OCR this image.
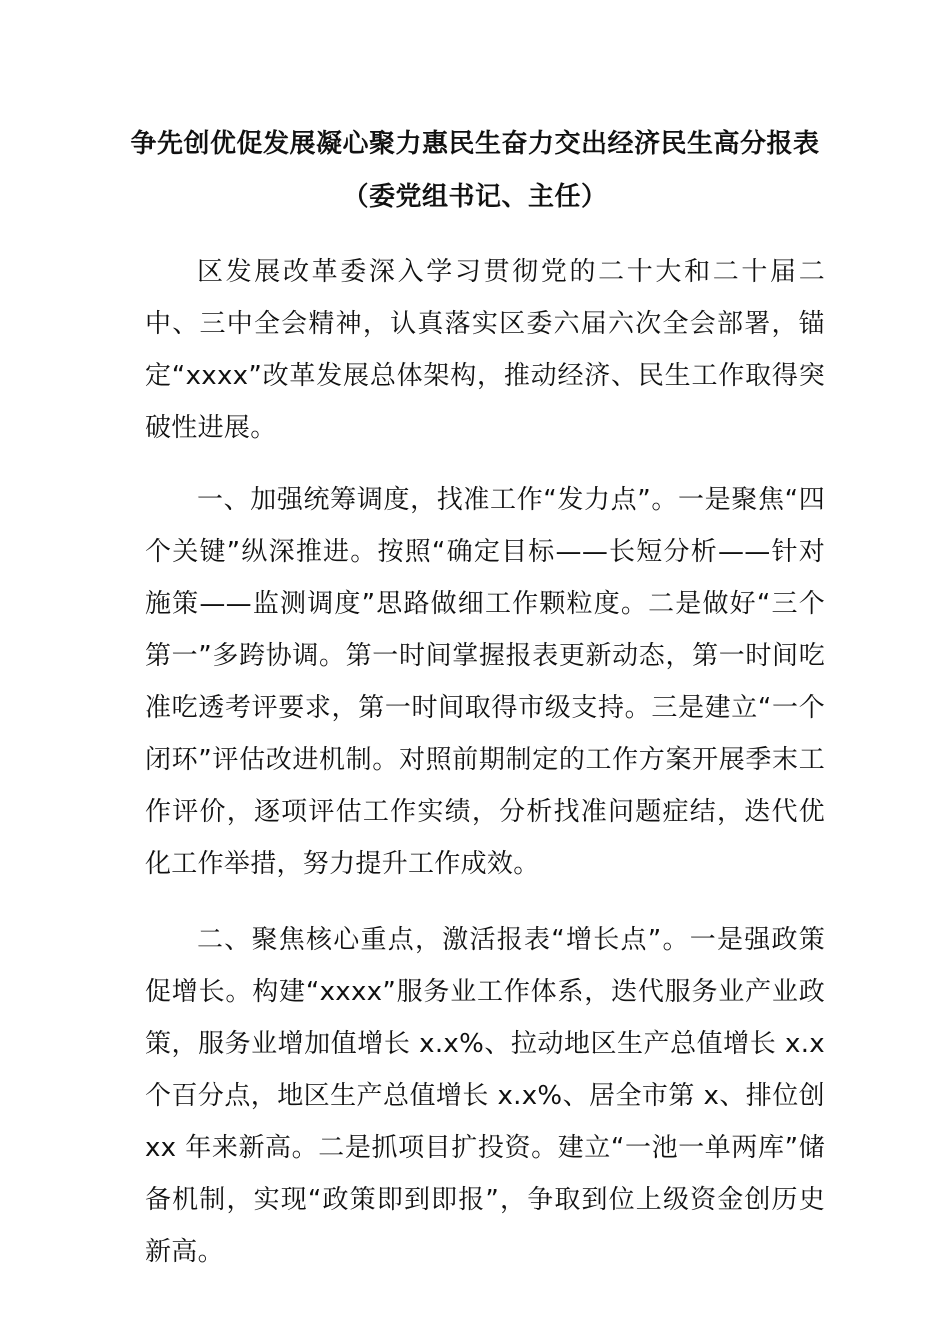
争先创优促发展凝心聚力惠民生奋力交出经济民生高分报表（委党组书记、主任）

区发展改革委深入学习贯彻党的二十大和二十届二中、三中全会精神，认真落实区委六届六次全会部署，锚定“xxxx”改革发展总体架构，推动经济、民生工作取得突破性进展。

一、加强统筹调度，找准工作“发力点”。一是聚焦“四个关键”纵深推进。按照“确定目标——长短分析——针对施策——监测调度”思路做细工作颗粒度。二是做好“三个第一”多跨协调。第一时间掌握报表更新动态，第一时间吃准吃透考评要求，第一时间取得市级支持。三是建立“一个闭环”评估改进机制。对照前期制定的工作方案开展季末工作评价，逐项评估工作实绩，分析找准问题症结，迭代优化工作举措，努力提升工作成效。

二、聚焦核心重点，激活报表“增长点”。一是强政策促增长。构建“xxxx”服务业工作体系，迭代服务业产业政策，服务业增加值增长 x.x%、拉动地区生产总值增长 x.x 个百分点，地区生产总值增长 x.x%、居全市第 x、排位创 xx 年来新高。二是抓项目扩投资。建立“一池一单两库”储备机制，实现“政策即到即报”，争取到位上级资金创历史新高。
